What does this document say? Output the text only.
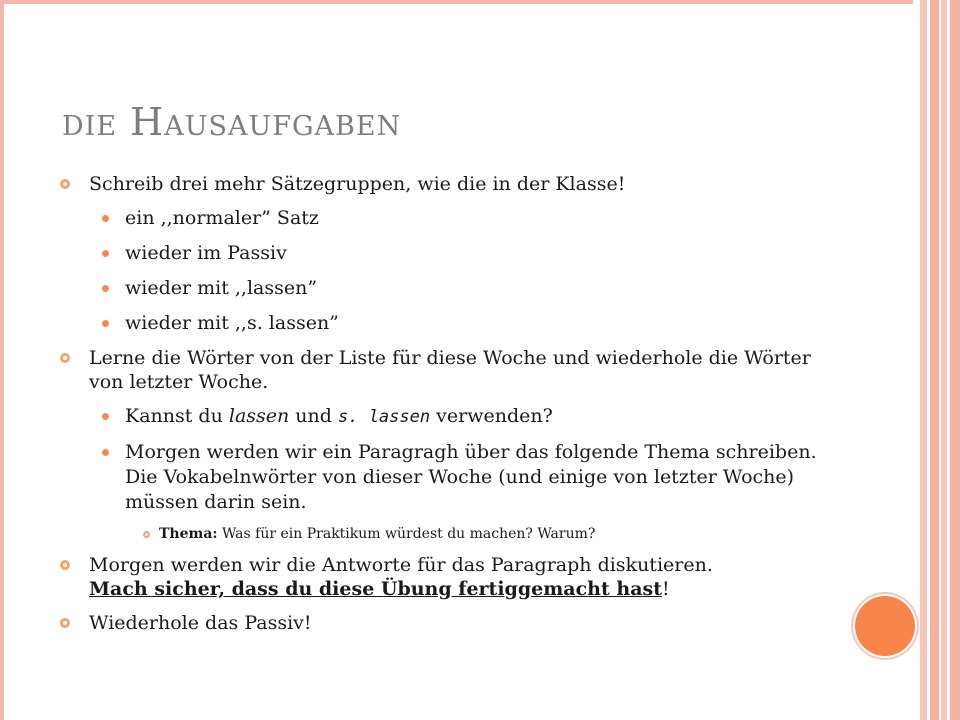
die Hausaufgaben
Schreib drei mehr Sätzegruppen, wie die in der Klasse!
ein ,,normaler” Satz
wieder im Passiv
wieder mit ,,lassen”
wieder mit ,,s. lassen”
Lerne die Wörter von der Liste für diese Woche und wiederhole die Wörter von letzter Woche.
Kannst du lassen und s. lassen verwenden?
Morgen werden wir ein Paragragh über das folgende Thema schreiben. Die Vokabelnwörter von dieser Woche (und einige von letzter Woche) müssen darin sein.
Thema: Was für ein Praktikum würdest du machen? Warum?
Morgen werden wir die Antworte für das Paragraph diskutieren.
Mach sicher, dass du diese Übung fertiggemacht hast!
Wiederhole das Passiv!
